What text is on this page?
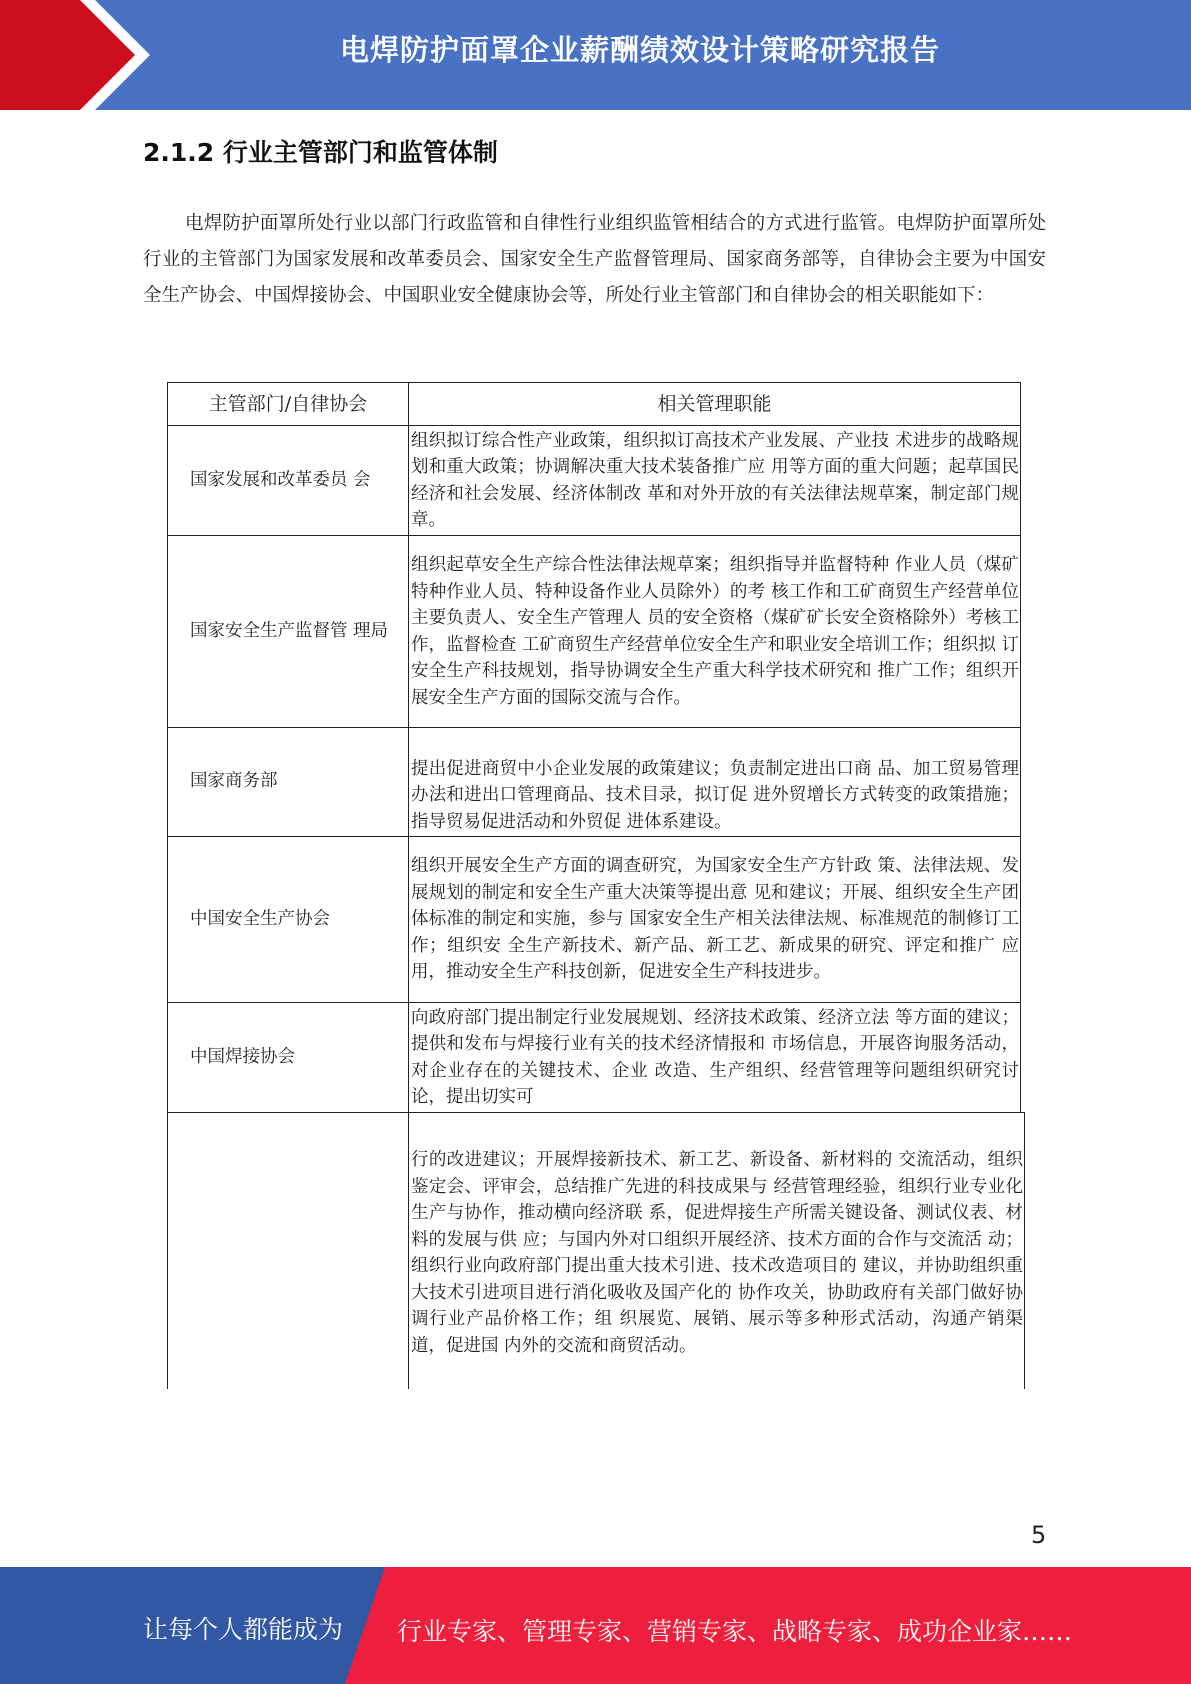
电焊防护面罩企业薪酬绩效设计策略研究报告
2.1.2 行业主管部门和监管体制

电焊防护面罩所处行业以部门行政监管和自律性行业组织监管相结合的方式进行监管。电焊防护面罩所处行业的主管部门为国家发展和改革委员会、国家安全生产监督管理局、国家商务部等，自律协会主要为中国安全生产协会、中国焊接协会、中国职业安全健康协会等，所处行业主管部门和自律协会的相关职能如下：

主管部门/自律协会	相关管理职能
国家发展和改革委员 会	组织拟订综合性产业政策，组织拟订高技术产业发展、产业技 术进步的战略规划和重大政策；协调解决重大技术装备推广应 用等方面的重大问题；起草国民经济和社会发展、经济体制改 革和对外开放的有关法律法规草案，制定部门规章。
国家安全生产监督管 理局	组织起草安全生产综合性法律法规草案；组织指导并监督特种 作业人员（煤矿特种作业人员、特种设备作业人员除外）的考 核工作和工矿商贸生产经营单位主要负责人、安全生产管理人 员的安全资格（煤矿矿长安全资格除外）考核工作，监督检查 工矿商贸生产经营单位安全生产和职业安全培训工作；组织拟 订安全生产科技规划，指导协调安全生产重大科学技术研究和 推广工作；组织开展安全生产方面的国际交流与合作。
国家商务部	提出促进商贸中小企业发展的政策建议；负责制定进出口商 品、加工贸易管理办法和进出口管理商品、技术目录，拟订促 进外贸增长方式转变的政策措施；指导贸易促进活动和外贸促 进体系建设。
中国安全生产协会	组织开展安全生产方面的调查研究，为国家安全生产方针政 策、法律法规、发展规划的制定和安全生产重大决策等提出意 见和建议；开展、组织安全生产团体标准的制定和实施，参与 国家安全生产相关法律法规、标准规范的制修订工作；组织安 全生产新技术、新产品、新工艺、新成果的研究、评定和推广 应用，推动安全生产科技创新，促进安全生产科技进步。
中国焊接协会	向政府部门提出制定行业发展规划、经济技术政策、经济立法 等方面的建议；提供和发布与焊接行业有关的技术经济情报和 市场信息，开展咨询服务活动，对企业存在的关键技术、企业 改造、生产组织、经营管理等问题组织研究讨论，提出切实可
	行的改进建议；开展焊接新技术、新工艺、新设备、新材料的 交流活动，组织鉴定会、评审会，总结推广先进的科技成果与 经营管理经验，组织行业专业化生产与协作，推动横向经济联 系，促进焊接生产所需关键设备、测试仪表、材料的发展与供 应；与国内外对口组织开展经济、技术方面的合作与交流活 动；组织行业向政府部门提出重大技术引进、技术改造项目的 建议，并协助组织重大技术引进项目进行消化吸收及国产化的 协作攻关，协助政府有关部门做好协调行业产品价格工作；组 织展览、展销、展示等多种形式活动，沟通产销渠道，促进国 内外的交流和商贸活动。
5
让每个人都能成为 行业专家、管理专家、营销专家、战略专家、成功企业家……
